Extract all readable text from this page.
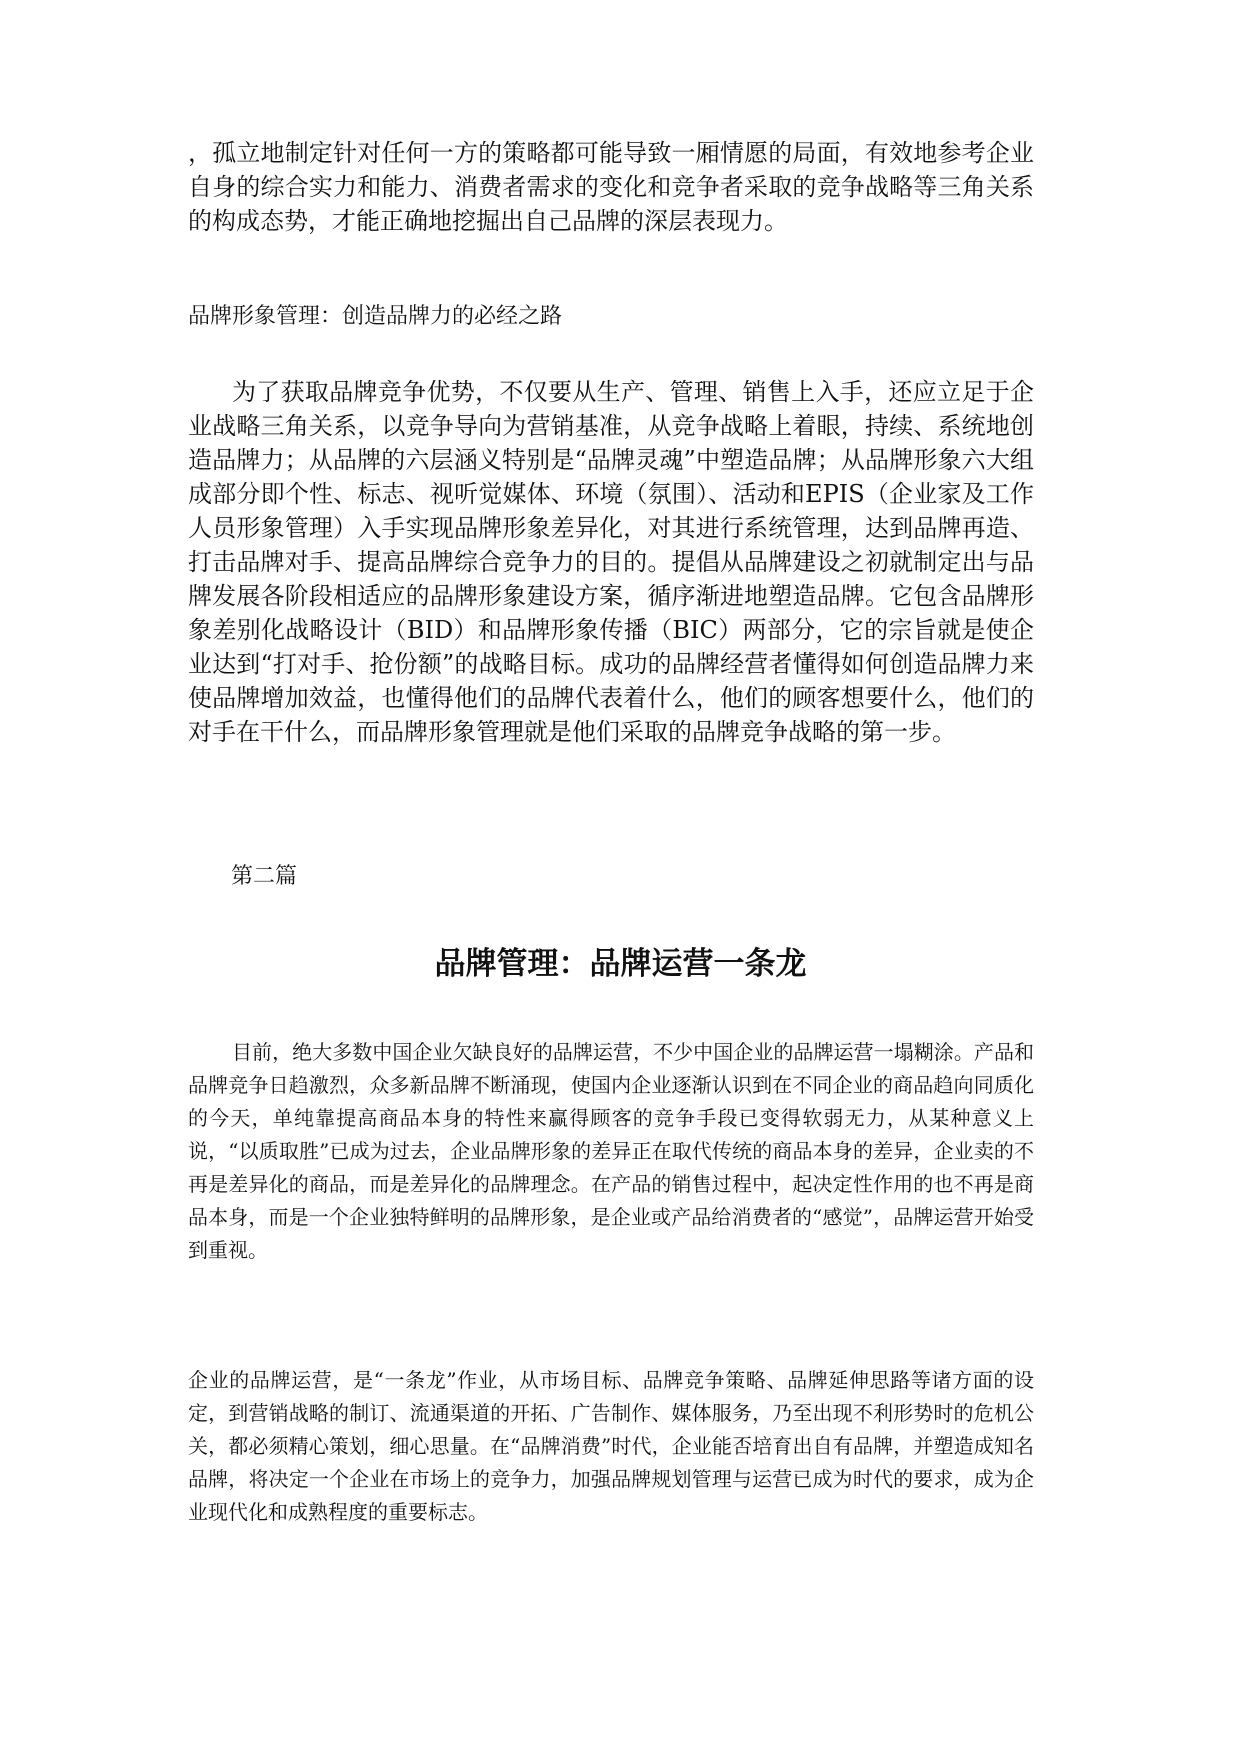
，孤立地制定针对任何一方的策略都可能导致一厢情愿的局面，有效地参考企业自身的综合实力和能力、消费者需求的变化和竞争者采取的竞争战略等三角关系的构成态势，才能正确地挖掘出自己品牌的深层表现力。

品牌形象管理：创造品牌力的必经之路

为了获取品牌竞争优势，不仅要从生产、管理、销售上入手，还应立足于企业战略三角关系，以竞争导向为营销基准，从竞争战略上着眼，持续、系统地创造品牌力；从品牌的六层涵义特别是“品牌灵魂”中塑造品牌；从品牌形象六大组成部分即个性、标志、视听觉媒体、环境（氛围）、活动和EPIS（企业家及工作人员形象管理）入手实现品牌形象差异化，对其进行系统管理，达到品牌再造、打击品牌对手、提高品牌综合竞争力的目的。提倡从品牌建设之初就制定出与品牌发展各阶段相适应的品牌形象建设方案，循序渐进地塑造品牌。它包含品牌形象差别化战略设计（BID）和品牌形象传播（BIC）两部分，它的宗旨就是使企业达到“打对手、抢份额”的战略目标。成功的品牌经营者懂得如何创造品牌力来使品牌增加效益，也懂得他们的品牌代表着什么，他们的顾客想要什么，他们的对手在干什么，而品牌形象管理就是他们采取的品牌竞争战略的第一步。

第二篇

品牌管理：品牌运营一条龙

目前，绝大多数中国企业欠缺良好的品牌运营，不少中国企业的品牌运营一塌糊涂。产品和品牌竞争日趋激烈，众多新品牌不断涌现，使国内企业逐渐认识到在不同企业的商品趋向同质化的今天，单纯靠提高商品本身的特性来赢得顾客的竞争手段已变得软弱无力，从某种意义上说，“以质取胜”已成为过去，企业品牌形象的差异正在取代传统的商品本身的差异，企业卖的不再是差异化的商品，而是差异化的品牌理念。在产品的销售过程中，起决定性作用的也不再是商品本身，而是一个企业独特鲜明的品牌形象，是企业或产品给消费者的“感觉”，品牌运营开始受到重视。

企业的品牌运营，是“一条龙”作业，从市场目标、品牌竞争策略、品牌延伸思路等诸方面的设定，到营销战略的制订、流通渠道的开拓、广告制作、媒体服务，乃至出现不利形势时的危机公关，都必须精心策划，细心思量。在“品牌消费”时代，企业能否培育出自有品牌，并塑造成知名品牌，将决定一个企业在市场上的竞争力，加强品牌规划管理与运营已成为时代的要求，成为企业现代化和成熟程度的重要标志。
